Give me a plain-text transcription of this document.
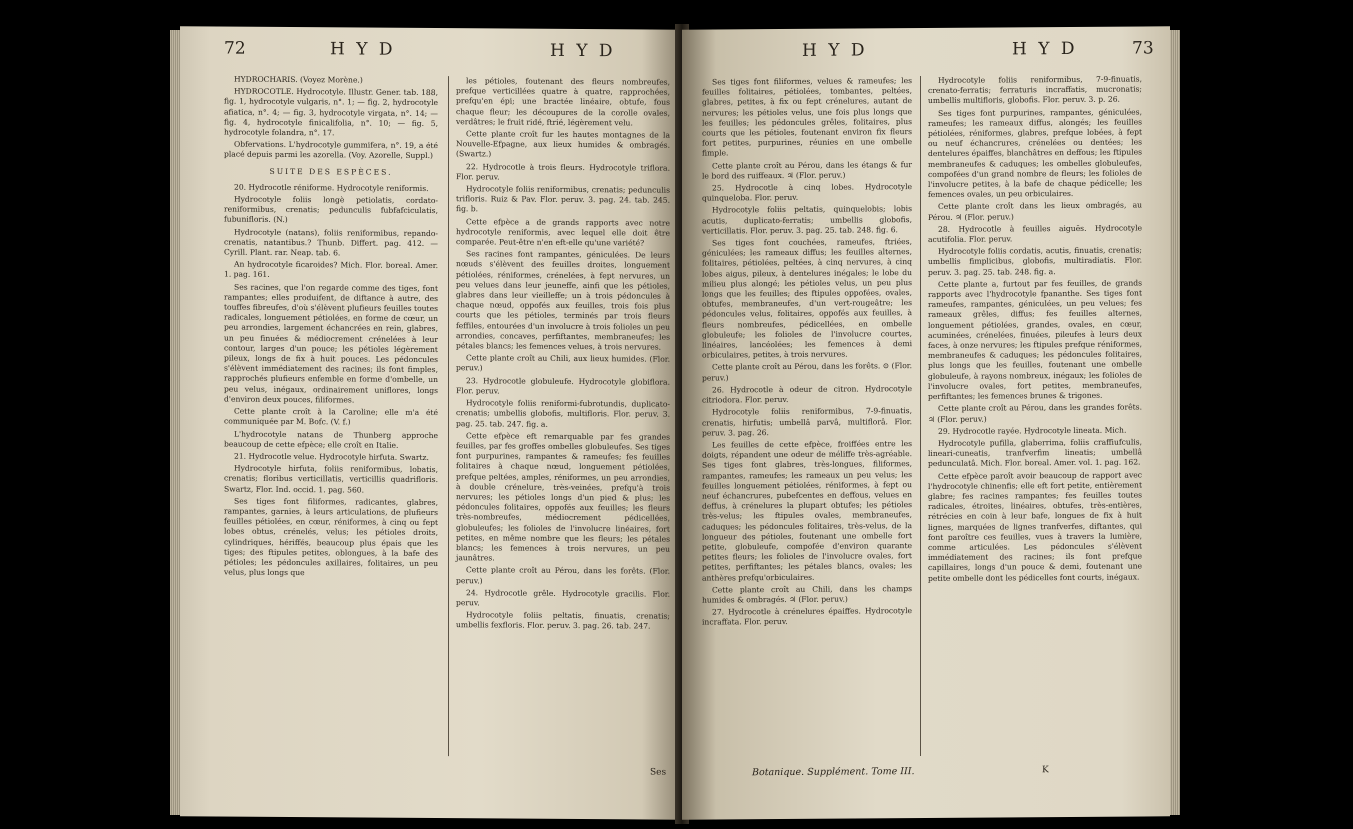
72	H Y D	H Y D

HYDROCHARIS. (Voyez Morène.)

HYDROCOTLE. Hydrocotyle. Illustr. Gener. tab. 188, fig. 1, hydrocotyle vulgaris, n°. 1; — fig. 2, hydrocotyle afiatica, n°. 4; — fig. 3, hydrocotyle virgata, n°. 14; — fig. 4, hydrocotyle finicalifolia, n°. 10; — fig. 5, hydrocotyle folandra, n°. 17.

Obfervations. L'hydrocotyle gummifera, n°. 19, a été placé depuis parmi les azorella. (Voy. Azorelle, Suppl.)

SUITE DES ESPÈCES.

20. Hydrocotle réniforme. Hydrocotyle reniformis.

Hydrocotyle foliis longè petiolatis, cordato-reniformibus, crenatis; pedunculis fubfafciculatis, fubunifloris. (N.)

Hydrocotyle (natans), foliis reniformibus, repando-crenatis, natantibus.? Thunb. Differt. pag. 412. — Cyrill. Plant. rar. Neap. tab. 6.

An hydrocotyle ficaroides? Mich. Flor. boreal. Amer. 1. pag. 161.

Ses racines, que l'on regarde comme des tiges, font rampantes; elles produifent, de diftance à autre, des touffes fibreufes, d'où s'élèvent plufieurs feuilles toutes radicales, longuement pétiolées, en forme de cœur, un peu arrondies, largement échancrées en rein, glabres, un peu finuées & médiocrement crénelées à leur contour, larges d'un pouce; les pétioles légèrement pileux, longs de fix à huit pouces. Les pédoncules s'élèvent immédiatement des racines; ils font fimples, rapprochés plufieurs enfemble en forme d'ombelle, un peu velus, inégaux, ordinairement uniflores, longs d'environ deux pouces, filiformes.

Cette plante croît à la Caroline; elle m'a été communiquée par M. Bofc. (V. f.)

L'hydrocotyle natans de Thunberg approche beaucoup de cette efpèce; elle croît en Italie.

21. Hydrocotle velue. Hydrocotyle hirfuta. Swartz.

Hydrocotyle hirfuta, foliis reniformibus, lobatis, crenatis; floribus verticillatis, verticillis quadrifloris. Swartz, Flor. Ind. occid. 1. pag. 560.

Ses tiges font filiformes, radicantes, glabres, rampantes, garnies, à leurs articulations, de plufieurs feuilles pétiolées, en cœur, réniformes, à cinq ou fept lobes obtus, crénelés, velus; les pétioles droits, cylindriques, hériffés, beaucoup plus épais que les tiges; des ftipules petites, oblongues, à la bafe des pétioles; les pédoncules axillaires, folitaires, un peu velus, plus longs que

les pétioles, foutenant des fleurs nombreufes, prefque verticillées quatre à quatre, rapprochées, prefqu'en épi; une bractée linéaire, obtufe, fous chaque fleur; les découpures de la corolle ovales, verdâtres; le fruit ridé, ftrié, légèrement velu.

Cette plante croît fur les hautes montagnes de la Nouvelle-Efpagne, aux lieux humides & ombragés. (Swartz.)

22. Hydrocotle à trois fleurs. Hydrocotyle triflora. Flor. peruv.

Hydrocotyle foliis reniformibus, crenatis; pedunculis trifloris. Ruiz & Pav. Flor. peruv. 3. pag. 24. tab. 245. fig. b.

Cette efpèce a de grands rapports avec notre hydrocotyle reniformis, avec lequel elle doit être comparée. Peut-être n'en eft-elle qu'une variété?

Ses racines font rampantes, géniculées. De leurs nœuds s'élèvent des feuilles droites, longuement pétiolées, réniformes, crénelées, à fept nervures, un peu velues dans leur jeuneffe, ainfi que les pétioles, glabres dans leur vieilleffe; un à trois pédoncules à chaque nœud, oppofés aux feuilles, trois fois plus courts que les pétioles, terminés par trois fleurs feffiles, entourées d'un involucre à trois folioles un peu arrondies, concaves, perfiftantes, membraneufes; les pétales blancs; les femences velues, à trois nervures.

Cette plante croît au Chili, aux lieux humides. (Flor. peruv.)

23. Hydrocotle globuleufe. Hydrocotyle globiflora. Flor. peruv.

Hydrocotyle foliis reniformi-fubrotundis, duplicato-crenatis; umbellis globofis, multifloris. Flor. peruv. 3. pag. 25. tab. 247. fig. a.

Cette efpèce eft remarquable par fes grandes feuilles, par fes groffes ombelles globuleufes. Ses tiges font purpurines, rampantes & rameufes; fes feuilles folitaires à chaque nœud, longuement pétiolées, prefque peltées, amples, réniformes, un peu arrondies, à double crénelure, très-veinées, prefqu'à trois nervures; les pétioles longs d'un pied & plus; les pédoncules folitaires, oppofés aux feuilles; les fleurs très-nombreufes, médiocrement pédicellées, globuleufes; les folioles de l'involucre linéaires, fort petites, en même nombre que les fleurs; les pétales blancs; les femences à trois nervures, un peu jaunâtres.

Cette plante croît au Pérou, dans les forêts. (Flor. peruv.)

24. Hydrocotle grêle. Hydrocotyle gracilis. Flor. peruv.

Hydrocotyle foliis peltatis, finuatis, crenatis; umbellis fexfloris. Flor. peruv. 3. pag. 26. tab. 247.

Ses
H Y D	H Y D	73

Ses tiges font filiformes, velues & rameufes; les feuilles folitaires, pétiolées, tombantes, peltées, glabres, petites, à fix ou fept crénelures, autant de nervures; les pétioles velus, une fois plus longs que les feuilles; les pédoncules grêles, folitaires, plus courts que les pétioles, foutenant environ fix fleurs fort petites, purpurines, réunies en une ombelle fimple.

Cette plante croît au Pérou, dans les étangs & fur le bord des ruiffeaux. ♃ (Flor. peruv.)

25. Hydrocotle à cinq lobes. Hydrocotyle quinqueloba. Flor. peruv.

Hydrocotyle foliis peltatis, quinquelobis; lobis acutis, duplicato-ferratis; umbellis globofis, verticillatis. Flor. peruv. 3. pag. 25. tab. 248. fig. 6.

Ses tiges font couchées, rameufes, ftriées, géniculées; les rameaux diffus; les feuilles alternes, folitaires, pétiolées, peltées, à cinq nervures, à cinq lobes aigus, pileux, à dentelures inégales; le lobe du milieu plus alongé; les pétioles velus, un peu plus longs que les feuilles; des ftipules oppofées, ovales, obtufes, membraneufes, d'un vert-rougeâtre; les pédoncules velus, folitaires, oppofés aux feuilles, à fleurs nombreufes, pédicellées, en ombelle globuleufe; les folioles de l'involucre courtes, linéaires, lancéolées; les femences à demi orbiculaires, petites, à trois nervures.

Cette plante croît au Pérou, dans les forêts. ⊙ (Flor. peruv.)

26. Hydrocotle à odeur de citron. Hydrocotyle citriodora. Flor. peruv.

Hydrocotyle foliis reniformibus, 7-9-finuatis, crenatis, hirfutis; umbellâ parvâ, multiflorâ. Flor. peruv. 3. pag. 26.

Les feuilles de cette efpèce, froiffées entre les doigts, répandent une odeur de méliffe très-agréable. Ses tiges font glabres, très-longues, filiformes, rampantes, rameufes; les rameaux un peu velus; les feuilles longuement pétiolées, réniformes, à fept ou neuf échancrures, pubefcentes en deffous, velues en deffus, à crénelures la plupart obtufes; les pétioles très-velus; les ftipules ovales, membraneufes, caduques; les pédoncules folitaires, très-velus, de la longueur des pétioles, foutenant une ombelle fort petite, globuleufe, compofée d'environ quarante petites fleurs; les folioles de l'involucre ovales, fort petites, perfiftantes; les pétales blancs, ovales; les anthères prefqu'orbiculaires.

Cette plante croît au Chili, dans les champs humides & ombragés. ♃ (Flor. peruv.)

27. Hydrocotle à crénelures épaiffes. Hydrocotyle incraffata. Flor. peruv.

Hydrocotyle foliis reniformibus, 7-9-finuatis, crenato-ferratis; ferraturis incraffatis, mucronatis; umbellis multifloris, globofis. Flor. peruv. 3. p. 26.

Ses tiges font purpurines, rampantes, géniculées, rameufes; les rameaux diffus, alongés; les feuilles pétiolées, réniformes, glabres, prefque lobées, à fept ou neuf échancrures, crénelées ou dentées; les dentelures épaiffes, blanchâtres en deffous; les ftipules membraneufes & caduques; les ombelles globuleufes, compofées d'un grand nombre de fleurs; les folioles de l'involucre petites, à la bafe de chaque pédicelle; les femences ovales, un peu orbiculaires.

Cette plante croît dans les lieux ombragés, au Pérou. ♃ (Flor. peruv.)

28. Hydrocotle à feuilles aiguës. Hydrocotyle acutifolia. Flor. peruv.

Hydrocotyle foliis cordatis, acutis, finuatis, crenatis; umbellis fimplicibus, globofis, multiradiatis. Flor. peruv. 3. pag. 25. tab. 248. fig. a.

Cette plante a, furtout par fes feuilles, de grands rapports avec l'hydrocotyle fpananthe. Ses tiges font rameufes, rampantes, géniculées, un peu velues; fes rameaux grêles, diffus; fes feuilles alternes, longuement pétiolées, grandes, ovales, en cœur, acuminées, crénelées, finuées, pileufes à leurs deux faces, à onze nervures; les ftipules prefque réniformes, membraneufes & caduques; les pédoncules folitaires, plus longs que les feuilles, foutenant une ombelle globuleufe, à rayons nombreux, inégaux; les folioles de l'involucre ovales, fort petites, membraneufes, perfiftantes; les femences brunes & trigones.

Cette plante croît au Pérou, dans les grandes forêts. ♃ (Flor. peruv.)

29. Hydrocotle rayée. Hydrocotyle lineata. Mich.

Hydrocotyle pufilla, glaberrima, foliis craffiufculis, lineari-cuneatis, tranfverfim lineatis; umbellâ pedunculatâ. Mich. Flor. boreal. Amer. vol. 1. pag. 162.

Cette efpèce paroît avoir beaucoup de rapport avec l'hydrocotyle chinenfis; elle eft fort petite, entièrement glabre; fes racines rampantes; fes feuilles toutes radicales, étroites, linéaires, obtufes, très-entières, rétrécies en coin à leur bafe, longues de fix à huit lignes, marquées de lignes tranfverfes, diftantes, qui font paroître ces feuilles, vues à travers la lumière, comme articulées. Les pédoncules s'élèvent immédiatement des racines; ils font prefque capillaires, longs d'un pouce & demi, foutenant une petite ombelle dont les pédicelles font courts, inégaux.

Botanique. Supplément. Tome III.	K
